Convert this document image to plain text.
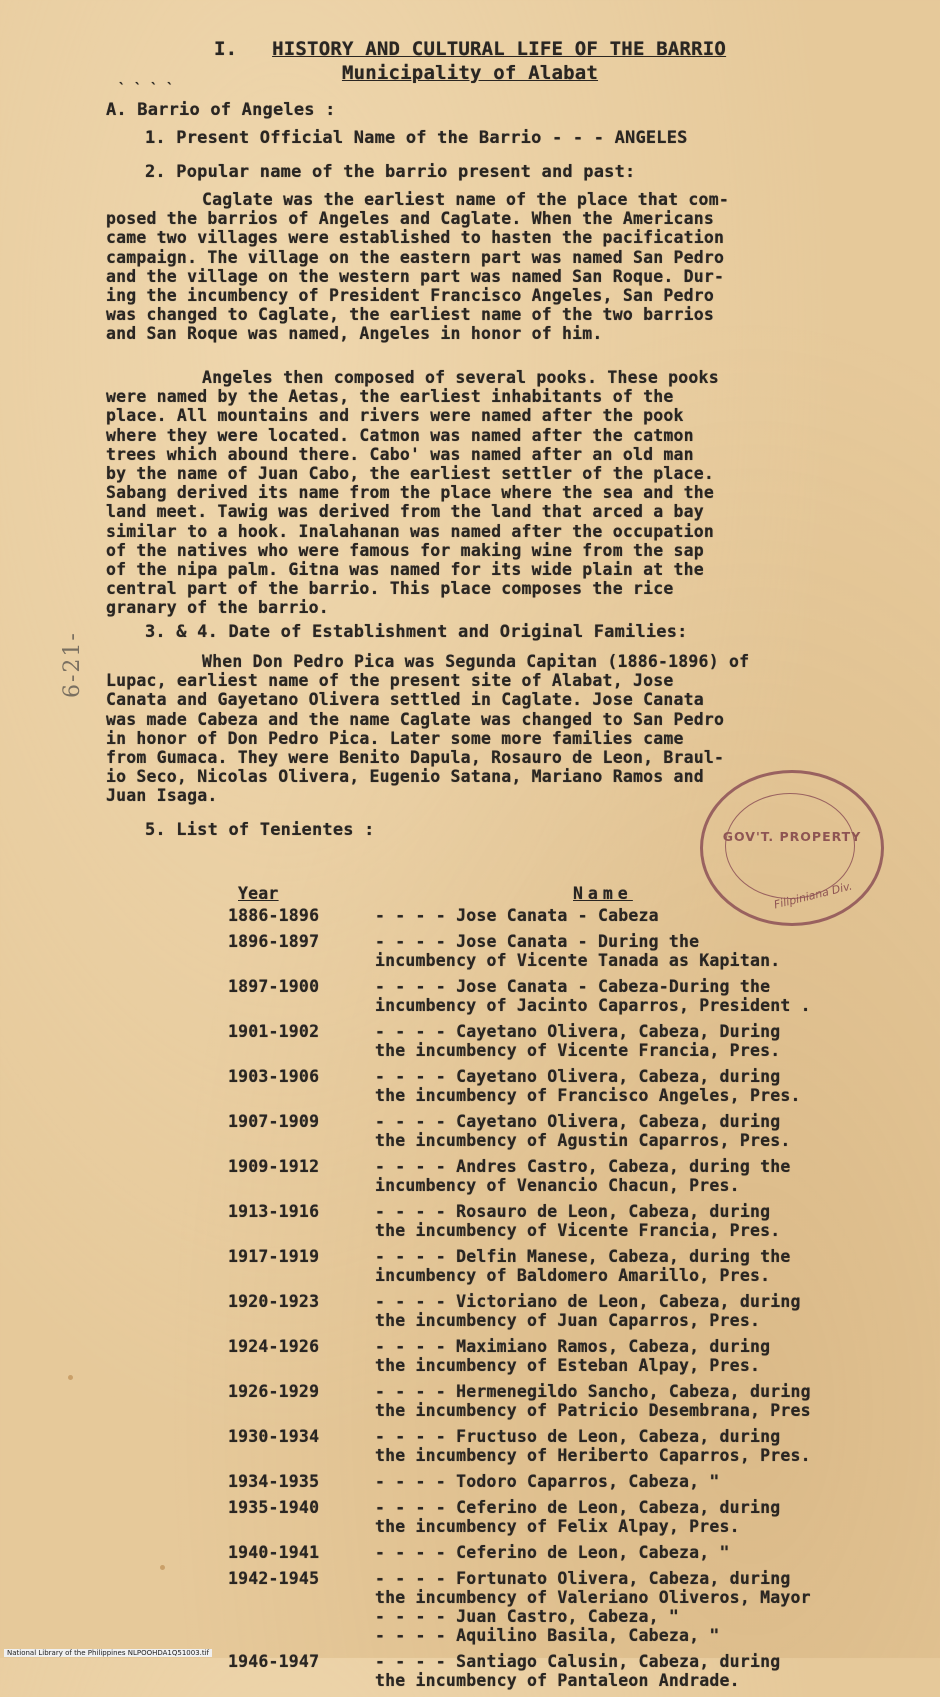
I. HISTORY AND CULTURAL LIFE OF THE BARRIO
Municipality of Alabat
` ` ` `
A. Barrio of Angeles :
1. Present Official Name of the Barrio - - - ANGELES
2. Popular name of the barrio present and past:

Caglate was the earliest name of the place that com-

posed the barrios of Angeles and Caglate. When the Americans

came two villages were established to hasten the pacification

campaign. The village on the eastern part was named San Pedro

and the village on the western part was named San Roque. Dur-

ing the incumbency of President Francisco Angeles, San Pedro

was changed to Caglate, the earliest name of the two barrios

and San Roque was named, Angeles in honor of him.

Angeles then composed of several pooks. These pooks

were named by the Aetas, the earliest inhabitants of the

place. All mountains and rivers were named after the pook

where they were located. Catmon was named after the catmon

trees which abound there. Cabo' was named after an old man

by the name of Juan Cabo, the earliest settler of the place.

Sabang derived its name from the place where the sea and the

land meet. Tawig was derived from the land that arced a bay

similar to a hook. Inalahanan was named after the occupation

of the natives who were famous for making wine from the sap

of the nipa palm. Gitna was named for its wide plain at the

central part of the barrio. This place composes the rice

granary of the barrio.

3. & 4. Date of Establishment and Original Families:

When Don Pedro Pica was Segunda Capitan (1886-1896) of

Lupac, earliest name of the present site of Alabat, Jose

Canata and Gayetano Olivera settled in Caglate. Jose Canata

was made Cabeza and the name Caglate was changed to San Pedro

in honor of Don Pedro Pica. Later some more families came

from Gumaca. They were Benito Dapula, Rosauro de Leon, Braul-

io Seco, Nicolas Olivera, Eugenio Satana, Mariano Ramos and

Juan Isaga.

5. List of Tenientes :
Year	Name
1886-1896	- - - - Jose Canata - Cabeza

1896-1897	- - - - Jose Canata - During the

incumbency of Vicente Tanada as Kapitan.

1897-1900	- - - - Jose Canata - Cabeza-During the

incumbency of Jacinto Caparros, President .

1901-1902	- - - - Cayetano Olivera, Cabeza, During

the incumbency of Vicente Francia, Pres.

1903-1906	- - - - Cayetano Olivera, Cabeza, during

the incumbency of Francisco Angeles, Pres.

1907-1909	- - - - Cayetano Olivera, Cabeza, during

the incumbency of Agustin Caparros, Pres.

1909-1912	- - - - Andres Castro, Cabeza, during the

incumbency of Venancio Chacun, Pres.

1913-1916	- - - - Rosauro de Leon, Cabeza, during

the incumbency of Vicente Francia, Pres.

1917-1919	- - - - Delfin Manese, Cabeza, during the

incumbency of Baldomero Amarillo, Pres.

1920-1923	- - - - Victoriano de Leon, Cabeza, during

the incumbency of Juan Caparros, Pres.

1924-1926	- - - - Maximiano Ramos, Cabeza, during

the incumbency of Esteban Alpay, Pres.

1926-1929	- - - - Hermenegildo Sancho, Cabeza, during

the incumbency of Patricio Desembrana, Pres

1930-1934	- - - - Fructuso de Leon, Cabeza, during

the incumbency of Heriberto Caparros, Pres.

1934-1935	- - - - Todoro Caparros, Cabeza, "

1935-1940	- - - - Ceferino de Leon, Cabeza, during

the incumbency of Felix Alpay, Pres.

1940-1941	- - - - Ceferino de Leon, Cabeza, "

1942-1945	- - - - Fortunato Olivera, Cabeza, during

the incumbency of Valeriano Oliveros, Mayor

- - - - Juan Castro, Cabeza, "

- - - - Aquilino Basila, Cabeza, "

1946-1947	- - - - Santiago Calusin, Cabeza, during

the incumbency of Pantaleon Andrade.

GOV'T. PROPERTY
Filipiniana Div.
6-21-
National Library of the Philippines NLPOOHDA1Q51003.tif
